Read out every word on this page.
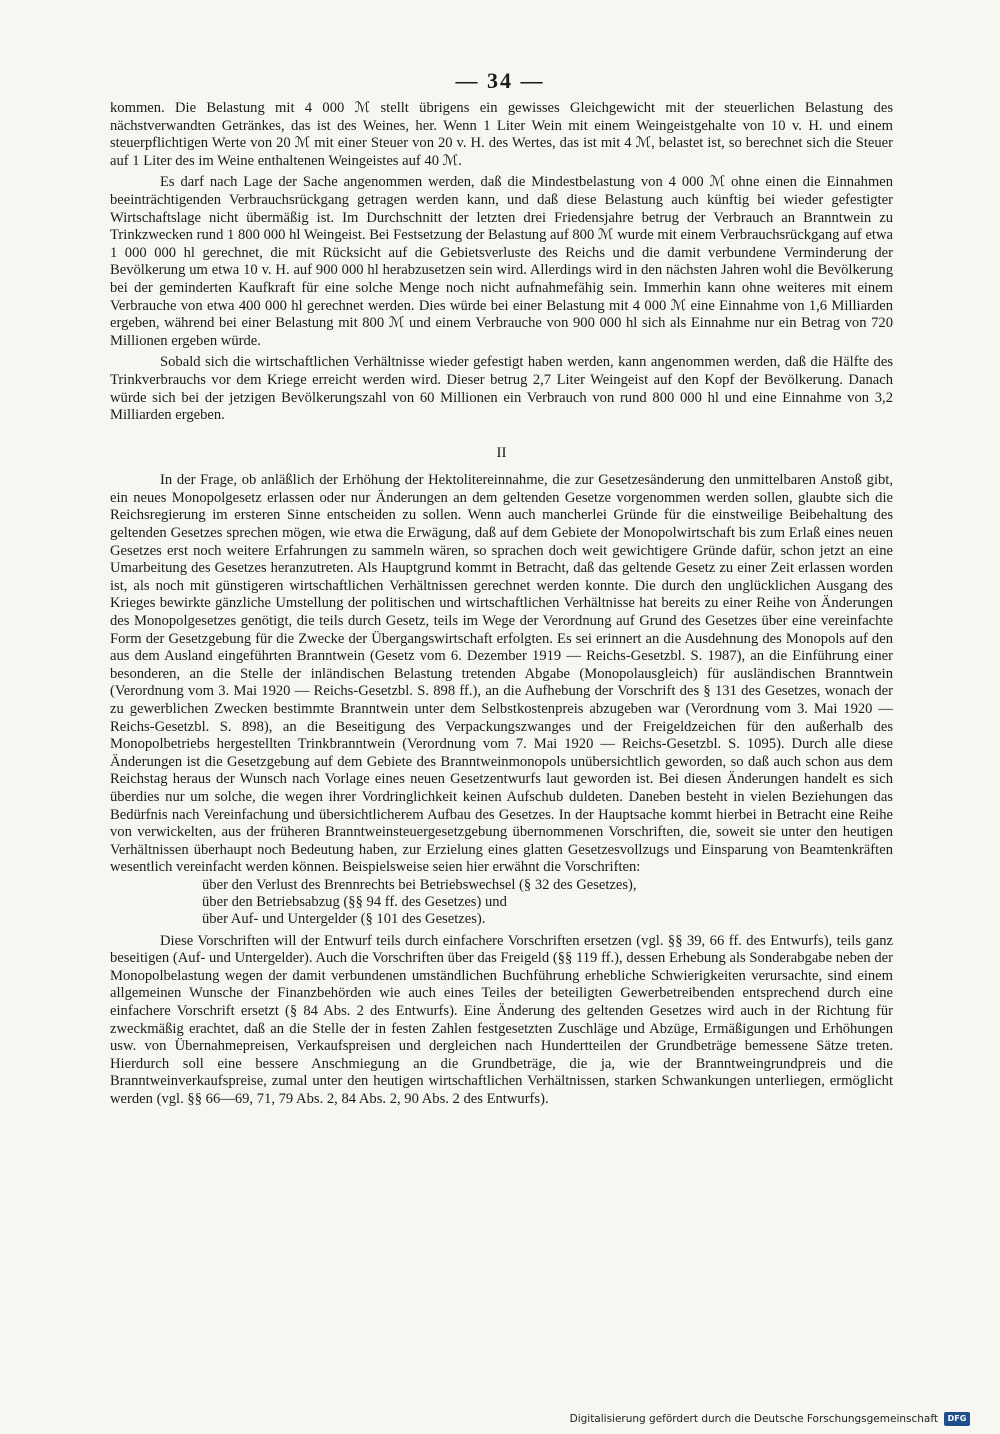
— 34 —

kommen. Die Belastung mit 4 000 ℳ stellt übrigens ein gewisses Gleichgewicht mit der steuerlichen Belastung des nächstverwandten Getränkes, das ist des Weines, her. Wenn 1 Liter Wein mit einem Weingeistgehalte von 10 v. H. und einem steuerpflichtigen Werte von 20 ℳ mit einer Steuer von 20 v. H. des Wertes, das ist mit 4 ℳ, belastet ist, so berechnet sich die Steuer auf 1 Liter des im Weine enthaltenen Weingeistes auf 40 ℳ.

Es darf nach Lage der Sache angenommen werden, daß die Mindestbelastung von 4 000 ℳ ohne einen die Einnahmen beeinträchtigenden Verbrauchsrückgang getragen werden kann, und daß diese Belastung auch künftig bei wieder gefestigter Wirtschaftslage nicht übermäßig ist. Im Durchschnitt der letzten drei Friedensjahre betrug der Verbrauch an Branntwein zu Trinkzwecken rund 1 800 000 hl Weingeist. Bei Festsetzung der Belastung auf 800 ℳ wurde mit einem Verbrauchsrückgang auf etwa 1 000 000 hl gerechnet, die mit Rücksicht auf die Gebietsverluste des Reichs und die damit verbundene Verminderung der Bevölkerung um etwa 10 v. H. auf 900 000 hl herabzusetzen sein wird. Allerdings wird in den nächsten Jahren wohl die Bevölkerung bei der geminderten Kaufkraft für eine solche Menge noch nicht aufnahmefähig sein. Immerhin kann ohne weiteres mit einem Verbrauche von etwa 400 000 hl gerechnet werden. Dies würde bei einer Belastung mit 4 000 ℳ eine Einnahme von 1,6 Milliarden ergeben, während bei einer Belastung mit 800 ℳ und einem Verbrauche von 900 000 hl sich als Einnahme nur ein Betrag von 720 Millionen ergeben würde.

Sobald sich die wirtschaftlichen Verhältnisse wieder gefestigt haben werden, kann angenommen werden, daß die Hälfte des Trinkverbrauchs vor dem Kriege erreicht werden wird. Dieser betrug 2,7 Liter Weingeist auf den Kopf der Bevölkerung. Danach würde sich bei der jetzigen Bevölkerungszahl von 60 Millionen ein Verbrauch von rund 800 000 hl und eine Einnahme von 3,2 Milliarden ergeben.

II

In der Frage, ob anläßlich der Erhöhung der Hektolitereinnahme, die zur Gesetzesänderung den unmittelbaren Anstoß gibt, ein neues Monopolgesetz erlassen oder nur Änderungen an dem geltenden Gesetze vorgenommen werden sollen, glaubte sich die Reichsregierung im ersteren Sinne entscheiden zu sollen. Wenn auch mancherlei Gründe für die einstweilige Beibehaltung des geltenden Gesetzes sprechen mögen, wie etwa die Erwägung, daß auf dem Gebiete der Monopolwirtschaft bis zum Erlaß eines neuen Gesetzes erst noch weitere Erfahrungen zu sammeln wären, so sprachen doch weit gewichtigere Gründe dafür, schon jetzt an eine Umarbeitung des Gesetzes heranzutreten. Als Hauptgrund kommt in Betracht, daß das geltende Gesetz zu einer Zeit erlassen worden ist, als noch mit günstigeren wirtschaftlichen Verhältnissen gerechnet werden konnte. Die durch den unglücklichen Ausgang des Krieges bewirkte gänzliche Umstellung der politischen und wirtschaftlichen Verhältnisse hat bereits zu einer Reihe von Änderungen des Monopolgesetzes genötigt, die teils durch Gesetz, teils im Wege der Verordnung auf Grund des Gesetzes über eine vereinfachte Form der Gesetzgebung für die Zwecke der Übergangswirtschaft erfolgten. Es sei erinnert an die Ausdehnung des Monopols auf den aus dem Ausland eingeführten Branntwein (Gesetz vom 6. Dezember 1919 — Reichs-Gesetzbl. S. 1987), an die Einführung einer besonderen, an die Stelle der inländischen Belastung tretenden Abgabe (Monopolausgleich) für ausländischen Branntwein (Verordnung vom 3. Mai 1920 — Reichs-Gesetzbl. S. 898 ff.), an die Aufhebung der Vorschrift des § 131 des Gesetzes, wonach der zu gewerblichen Zwecken bestimmte Branntwein unter dem Selbstkostenpreis abzugeben war (Verordnung vom 3. Mai 1920 — Reichs-Gesetzbl. S. 898), an die Beseitigung des Verpackungszwanges und der Freigeldzeichen für den außerhalb des Monopolbetriebs hergestellten Trinkbranntwein (Verordnung vom 7. Mai 1920 — Reichs-Gesetzbl. S. 1095). Durch alle diese Änderungen ist die Gesetzgebung auf dem Gebiete des Branntweinmonopols unübersichtlich geworden, so daß auch schon aus dem Reichstag heraus der Wunsch nach Vorlage eines neuen Gesetzentwurfs laut geworden ist. Bei diesen Änderungen handelt es sich überdies nur um solche, die wegen ihrer Vordringlichkeit keinen Aufschub duldeten. Daneben besteht in vielen Beziehungen das Bedürfnis nach Vereinfachung und übersichtlicherem Aufbau des Gesetzes. In der Hauptsache kommt hierbei in Betracht eine Reihe von verwickelten, aus der früheren Branntweinsteuergesetzgebung übernommenen Vorschriften, die, soweit sie unter den heutigen Verhältnissen überhaupt noch Bedeutung haben, zur Erzielung eines glatten Gesetzesvollzugs und Einsparung von Beamtenkräften wesentlich vereinfacht werden können. Beispielsweise seien hier erwähnt die Vorschriften:

über den Verlust des Brennrechts bei Betriebswechsel (§ 32 des Gesetzes),
über den Betriebsabzug (§§ 94 ff. des Gesetzes) und
über Auf- und Untergelder (§ 101 des Gesetzes).

Diese Vorschriften will der Entwurf teils durch einfachere Vorschriften ersetzen (vgl. §§ 39, 66 ff. des Entwurfs), teils ganz beseitigen (Auf- und Untergelder). Auch die Vorschriften über das Freigeld (§§ 119 ff.), dessen Erhebung als Sonderabgabe neben der Monopolbelastung wegen der damit verbundenen umständlichen Buchführung erhebliche Schwierigkeiten verursachte, sind einem allgemeinen Wunsche der Finanzbehörden wie auch eines Teiles der beteiligten Gewerbetreibenden entsprechend durch eine einfachere Vorschrift ersetzt (§ 84 Abs. 2 des Entwurfs). Eine Änderung des geltenden Gesetzes wird auch in der Richtung für zweckmäßig erachtet, daß an die Stelle der in festen Zahlen festgesetzten Zuschläge und Abzüge, Ermäßigungen und Erhöhungen usw. von Übernahmepreisen, Verkaufspreisen und dergleichen nach Hundertteilen der Grundbeträge bemessene Sätze treten. Hierdurch soll eine bessere Anschmiegung an die Grundbeträge, die ja, wie der Branntweingrundpreis und die Branntweinverkaufspreise, zumal unter den heutigen wirtschaftlichen Verhältnissen, starken Schwankungen unterliegen, ermöglicht werden (vgl. §§ 66—69, 71, 79 Abs. 2, 84 Abs. 2, 90 Abs. 2 des Entwurfs).

Digitalisierung gefördert durch die Deutsche Forschungsgemeinschaft	DFG
